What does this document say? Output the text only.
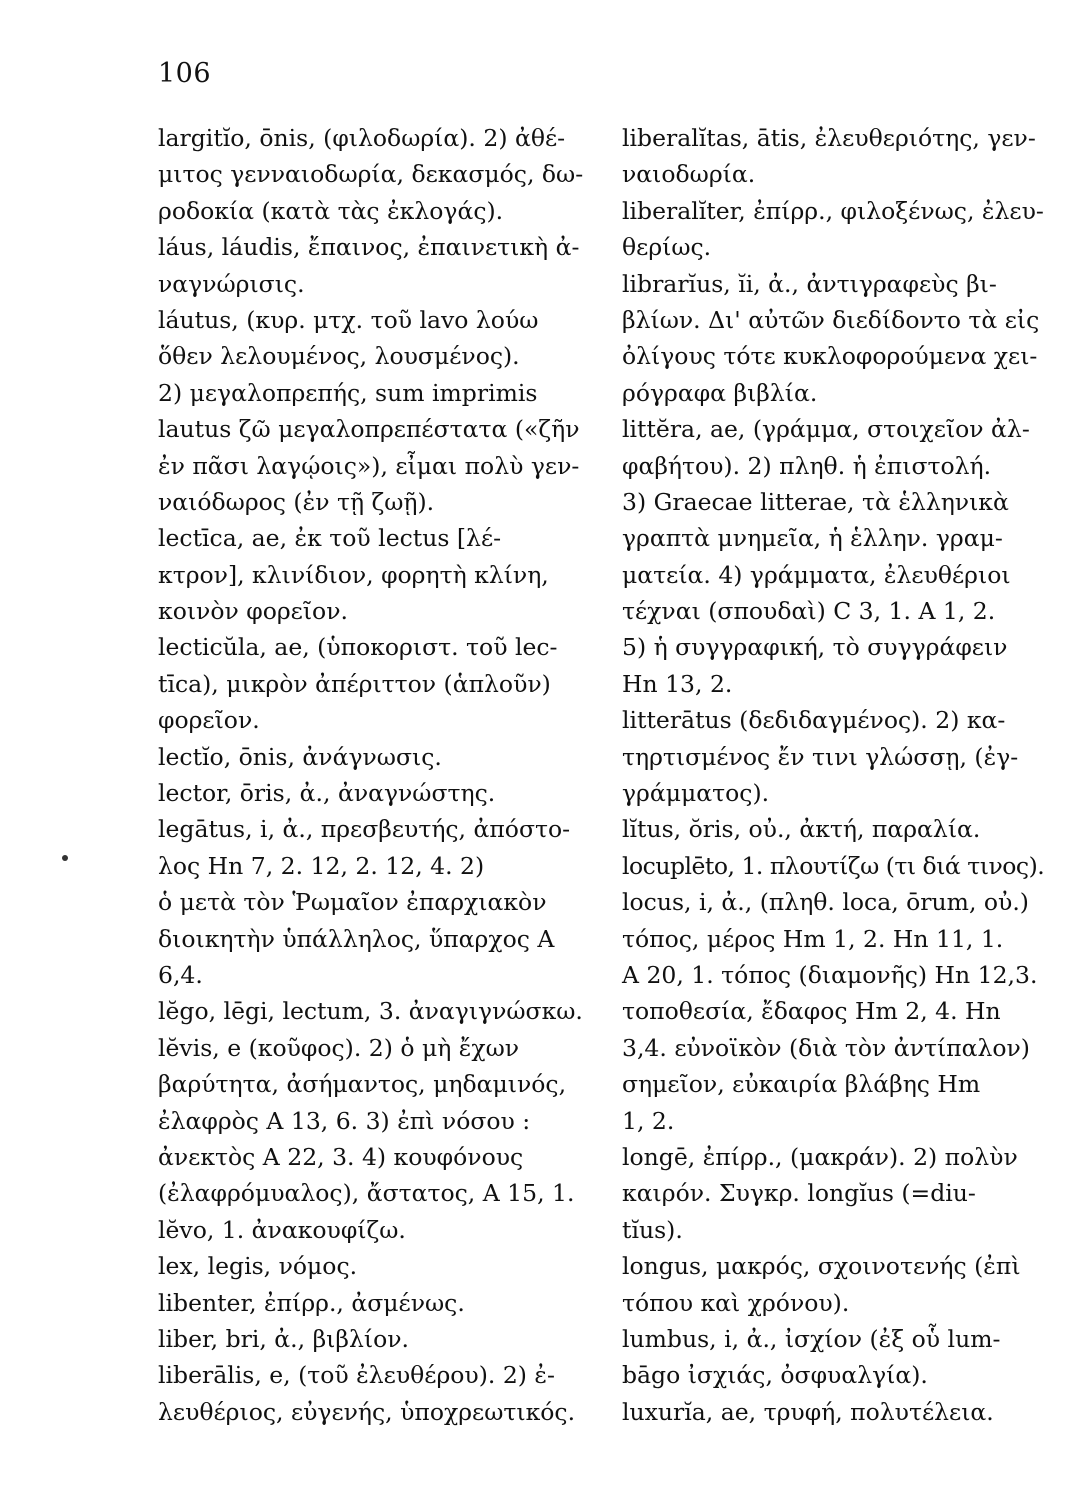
106
largitĭo, ōnis, (φιλοδωρία). 2) ἀθέ-
μιτος γενναιοδωρία, δεκασμός, δω-
ροδοκία (κατὰ τὰς ἐκλογάς).
láus, láudis, ἔπαινος, ἐπαινετικὴ ἀ-
ναγνώρισις.
láutus, (κυρ. μτχ. τοῦ lavo λούω
ὅθεν λελουμένος, λουσμένος).
2) μεγαλοπρεπής, sum imprimis
lautus ζῶ μεγαλοπρεπέστατα («ζῆν
ἐν πᾶσι λαγῴοις»), εἶμαι πολὺ γεν-
ναιόδωρος (ἐν τῇ ζωῇ).
lectīca, ae, ἐκ τοῦ lectus [λέ-
κτρον], κλινίδιον, φορητὴ κλίνη,
κοινὸν φορεῖον.
lecticŭla, ae, (ὑποκοριστ. τοῦ lec-
tīca), μικρὸν ἀπέριττον (ἁπλοῦν)
φορεῖον.
lectĭo, ōnis, ἀνάγνωσις.
lector, ōris, ἀ., ἀναγνώστης.
legātus, i, ἀ., πρεσβευτής, ἀπόστο-
λος Hn 7, 2. 12, 2. 12, 4. 2)
ὁ μετὰ τὸν Ῥωμαῖον ἐπαρχιακὸν
διοικητὴν ὑπάλληλος, ὕπαρχος A
6,4.
lĕgo, lēgi, lectum, 3. ἀναγιγνώσκω.
lĕvis, e (κοῦφος). 2) ὁ μὴ ἔχων
βαρύτητα, ἀσήμαντος, μηδαμινός,
ἐλαφρὸς A 13, 6. 3) ἐπὶ νόσου :
ἀνεκτὸς A 22, 3. 4) κουφόνους
(ἐλαφρόμυαλος), ἄστατος, A 15, 1.
lĕvo, 1. ἀνακουφίζω.
lex, legis, νόμος.
libenter, ἐπίρρ., ἀσμένως.
liber, bri, ἀ., βιβλίον.
liberālis, e, (τοῦ ἐλευθέρου). 2) ἐ-
λευθέριος, εὐγενής, ὑποχρεωτικός.
liberalĭtas, ātis, ἐλευθεριότης, γεν-
ναιοδωρία.
liberalĭter, ἐπίρρ., φιλοξένως, ἐλευ-
θερίως.
librarĭus, ĭi, ἀ., ἀντιγραφεὺς βι-
βλίων. Δι' αὐτῶν διεδίδοντο τὰ εἰς
ὀλίγους τότε κυκλοφορούμενα χει-
ρόγραφα βιβλία.
littĕra, ae, (γράμμα, στοιχεῖον ἀλ-
φαβήτου). 2) πληθ. ἡ ἐπιστολή.
3) Graecae litterae, τὰ ἑλληνικὰ
γραπτὰ μνημεῖα, ἡ ἑλλην. γραμ-
ματεία. 4) γράμματα, ἐλευθέριοι
τέχναι (σπουδαὶ) C 3, 1. A 1, 2.
5) ἡ συγγραφική, τὸ συγγράφειν
Hn 13, 2.
litterātus (δεδιδαγμένος). 2) κα-
τηρτισμένος ἔν τινι γλώσσῃ, (ἐγ-
γράμματος).
lĭtus, ŏris, οὐ., ἀκτή, παραλία.
locuplēto, 1. πλουτίζω (τι διά τινος).
locus, i, ἀ., (πληθ. loca, ōrum, οὐ.)
τόπος, μέρος Hm 1, 2. Hn 11, 1.
A 20, 1. τόπος (διαμονῆς) Hn 12,3.
τοποθεσία, ἔδαφος Hm 2, 4. Hn
3,4. εὐνοϊκὸν (διὰ τὸν ἀντίπαλον)
σημεῖον, εὐκαιρία βλάβης Hm
1, 2.
longē, ἐπίρρ., (μακράν). 2) πολὺν
καιρόν. Συγκρ. longĭus (=diu-
tĭus).
longus, μακρός, σχοινοτενής (ἐπὶ
τόπου καὶ χρόνου).
lumbus, i, ἀ., ἰσχίον (ἐξ οὗ lum-
bāgo ἰσχιάς, ὀσφυαλγία).
luxurĭa, ae, τρυφή, πολυτέλεια.
